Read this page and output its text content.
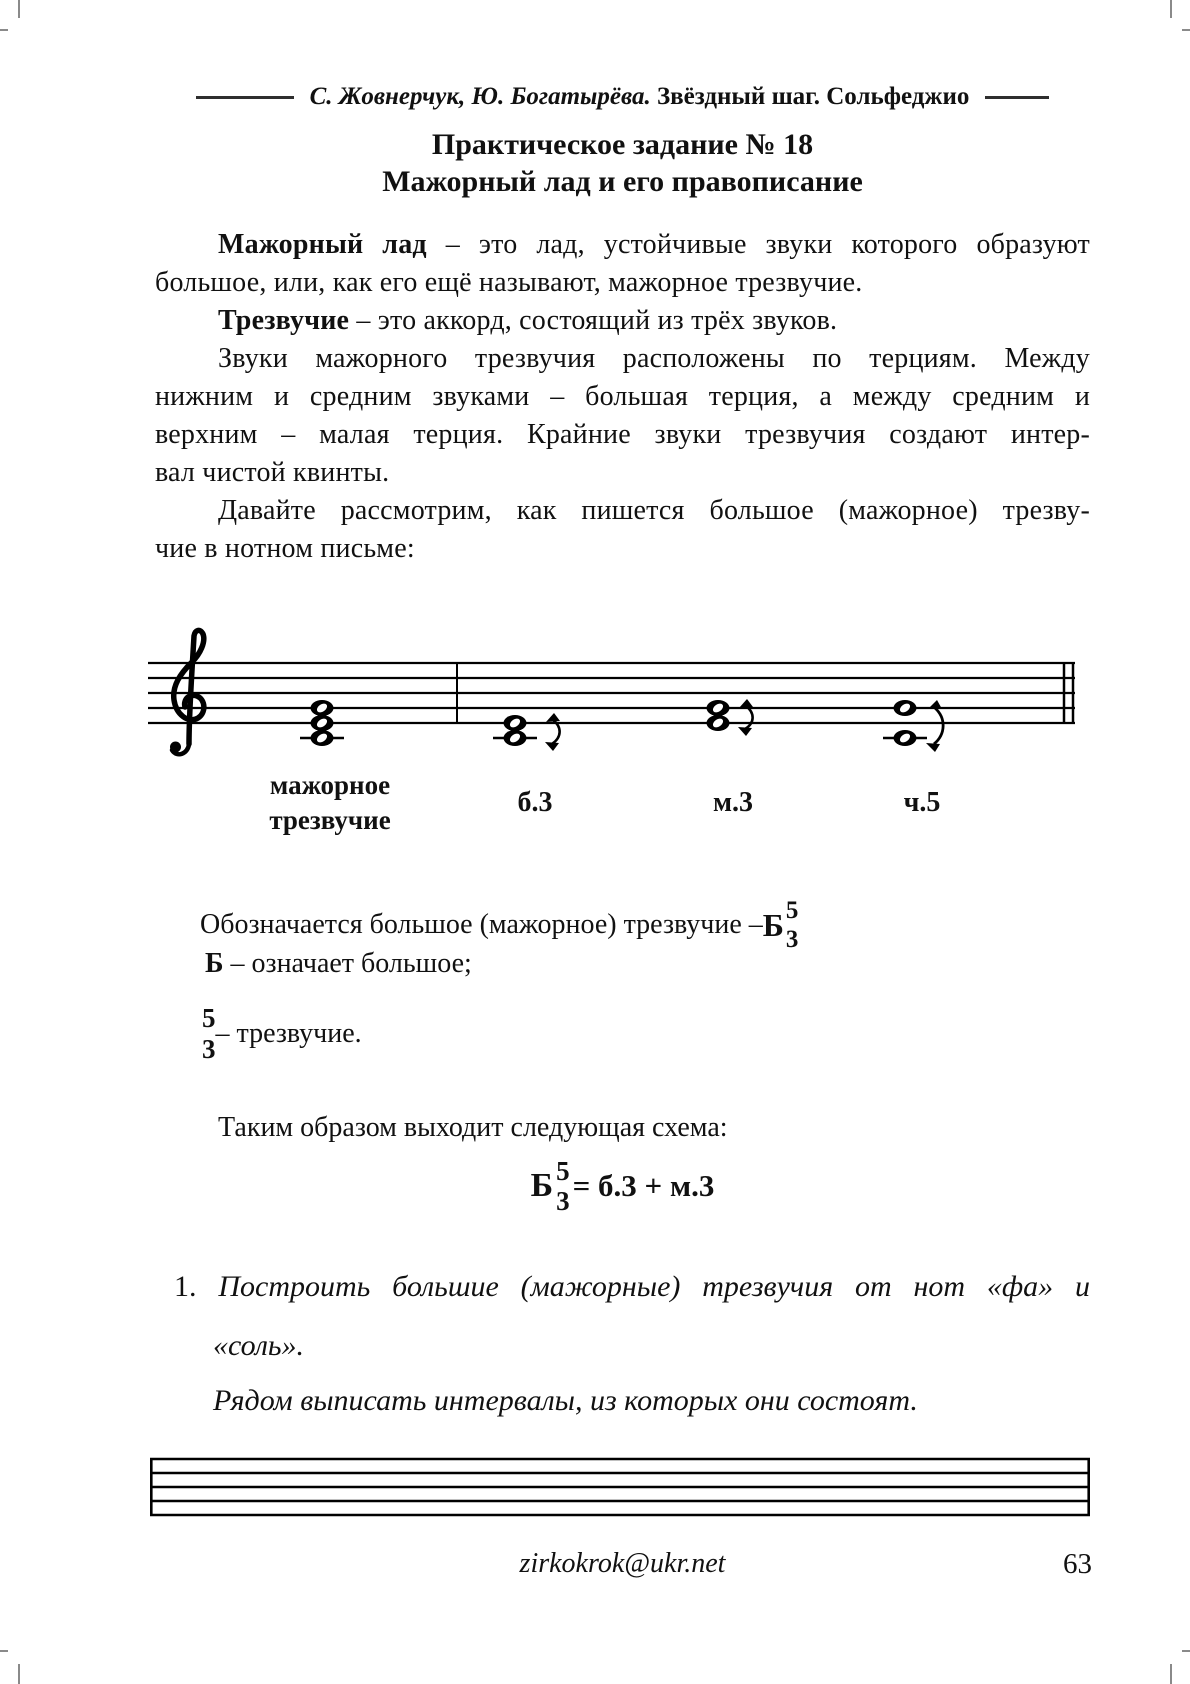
С. Жовнерчук, Ю. Богатырёва. Звёздный шаг. Сольфеджио
Практическое задание № 18
Мажорный лад и его правописание
Мажорный лад – это лад, устойчивые звуки которого образуют
большое, или, как его ещё называют, мажорное трезвучие.
Трезвучие – это аккорд, состоящий из трёх звуков.
Звуки мажорного трезвучия расположены по терциям. Между
нижним и средним звуками – большая терция, а между средним и
верхним – малая терция. Крайние звуки трезвучия создают интер-
вал чистой квинты.
Давайте рассмотрим, как пишется большое (мажорное) трезву-
чие в нотном письме:
мажорное
трезвучие
б.3	м.3	ч.5
Обозначается большое (мажорное) трезвучие – Б 5
3
Б – означает большое;
5
3 – трезвучие.
Таким образом выходит следующая схема:
Б 5
3 = б.3 + м.3
1. Построить большие (мажорные) трезвучия от нот «фа» и
«соль».
Рядом выписать интервалы, из которых они состоят.
zirkokrok@ukr.net	63
